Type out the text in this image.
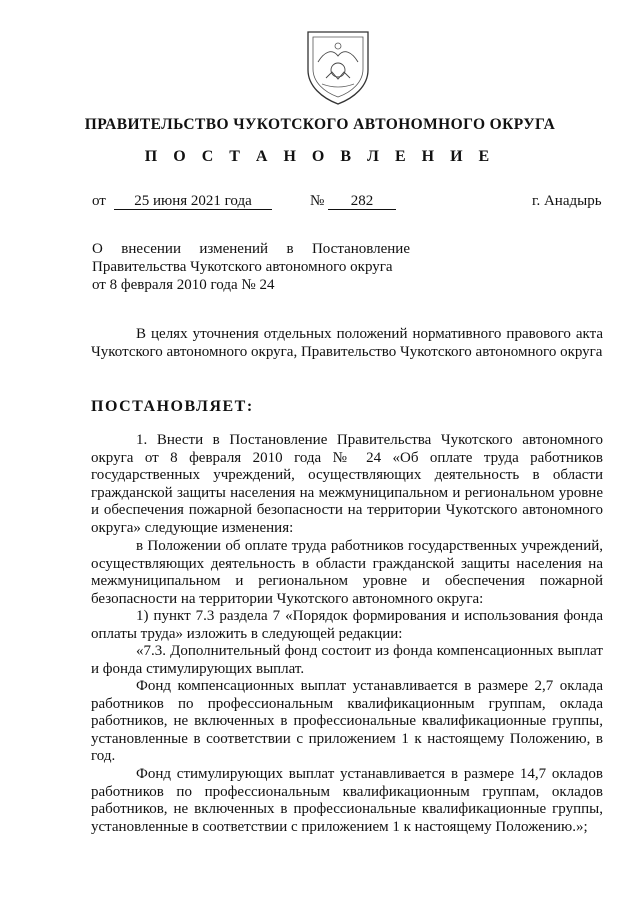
ПРАВИТЕЛЬСТВО ЧУКОТСКОГО АВТОНОМНОГО ОКРУГА
П О С Т А Н О В Л Е Н И Е
от	25 июня 2021 года	№	282	г. Анадырь
О внесении изменений в Постановление
Правительства Чукотского автономного округа
от 8 февраля 2010 года № 24
В целях уточнения отдельных положений нормативного правового акта Чукотского автономного округа, Правительство Чукотского автономного округа
ПОСТАНОВЛЯЕТ:
1. Внести в Постановление Правительства Чукотского автономного округа от 8 февраля 2010 года № 24 «Об оплате труда работников государственных учреждений, осуществляющих деятельность в области гражданской защиты населения на межмуниципальном и региональном уровне и обеспечения пожарной безопасности на территории Чукотского автономного округа» следующие изменения:
в Положении об оплате труда работников государственных учреждений, осуществляющих деятельность в области гражданской защиты населения на межмуниципальном и региональном уровне и обеспечения пожарной безопасности на территории Чукотского автономного округа:
1) пункт 7.3 раздела 7 «Порядок формирования и использования фонда оплаты труда» изложить в следующей редакции:
«7.3. Дополнительный фонд состоит из фонда компенсационных выплат и фонда стимулирующих выплат.
Фонд компенсационных выплат устанавливается в размере 2,7 оклада работников по профессиональным квалификационным группам, оклада работников, не включенных в профессиональные квалификационные группы, установленные в соответствии с приложением 1 к настоящему Положению, в год.
Фонд стимулирующих выплат устанавливается в размере 14,7 окладов работников по профессиональным квалификационным группам, окладов работников, не включенных в профессиональные квалификационные группы, установленные в соответствии с приложением 1 к настоящему Положению.»;
